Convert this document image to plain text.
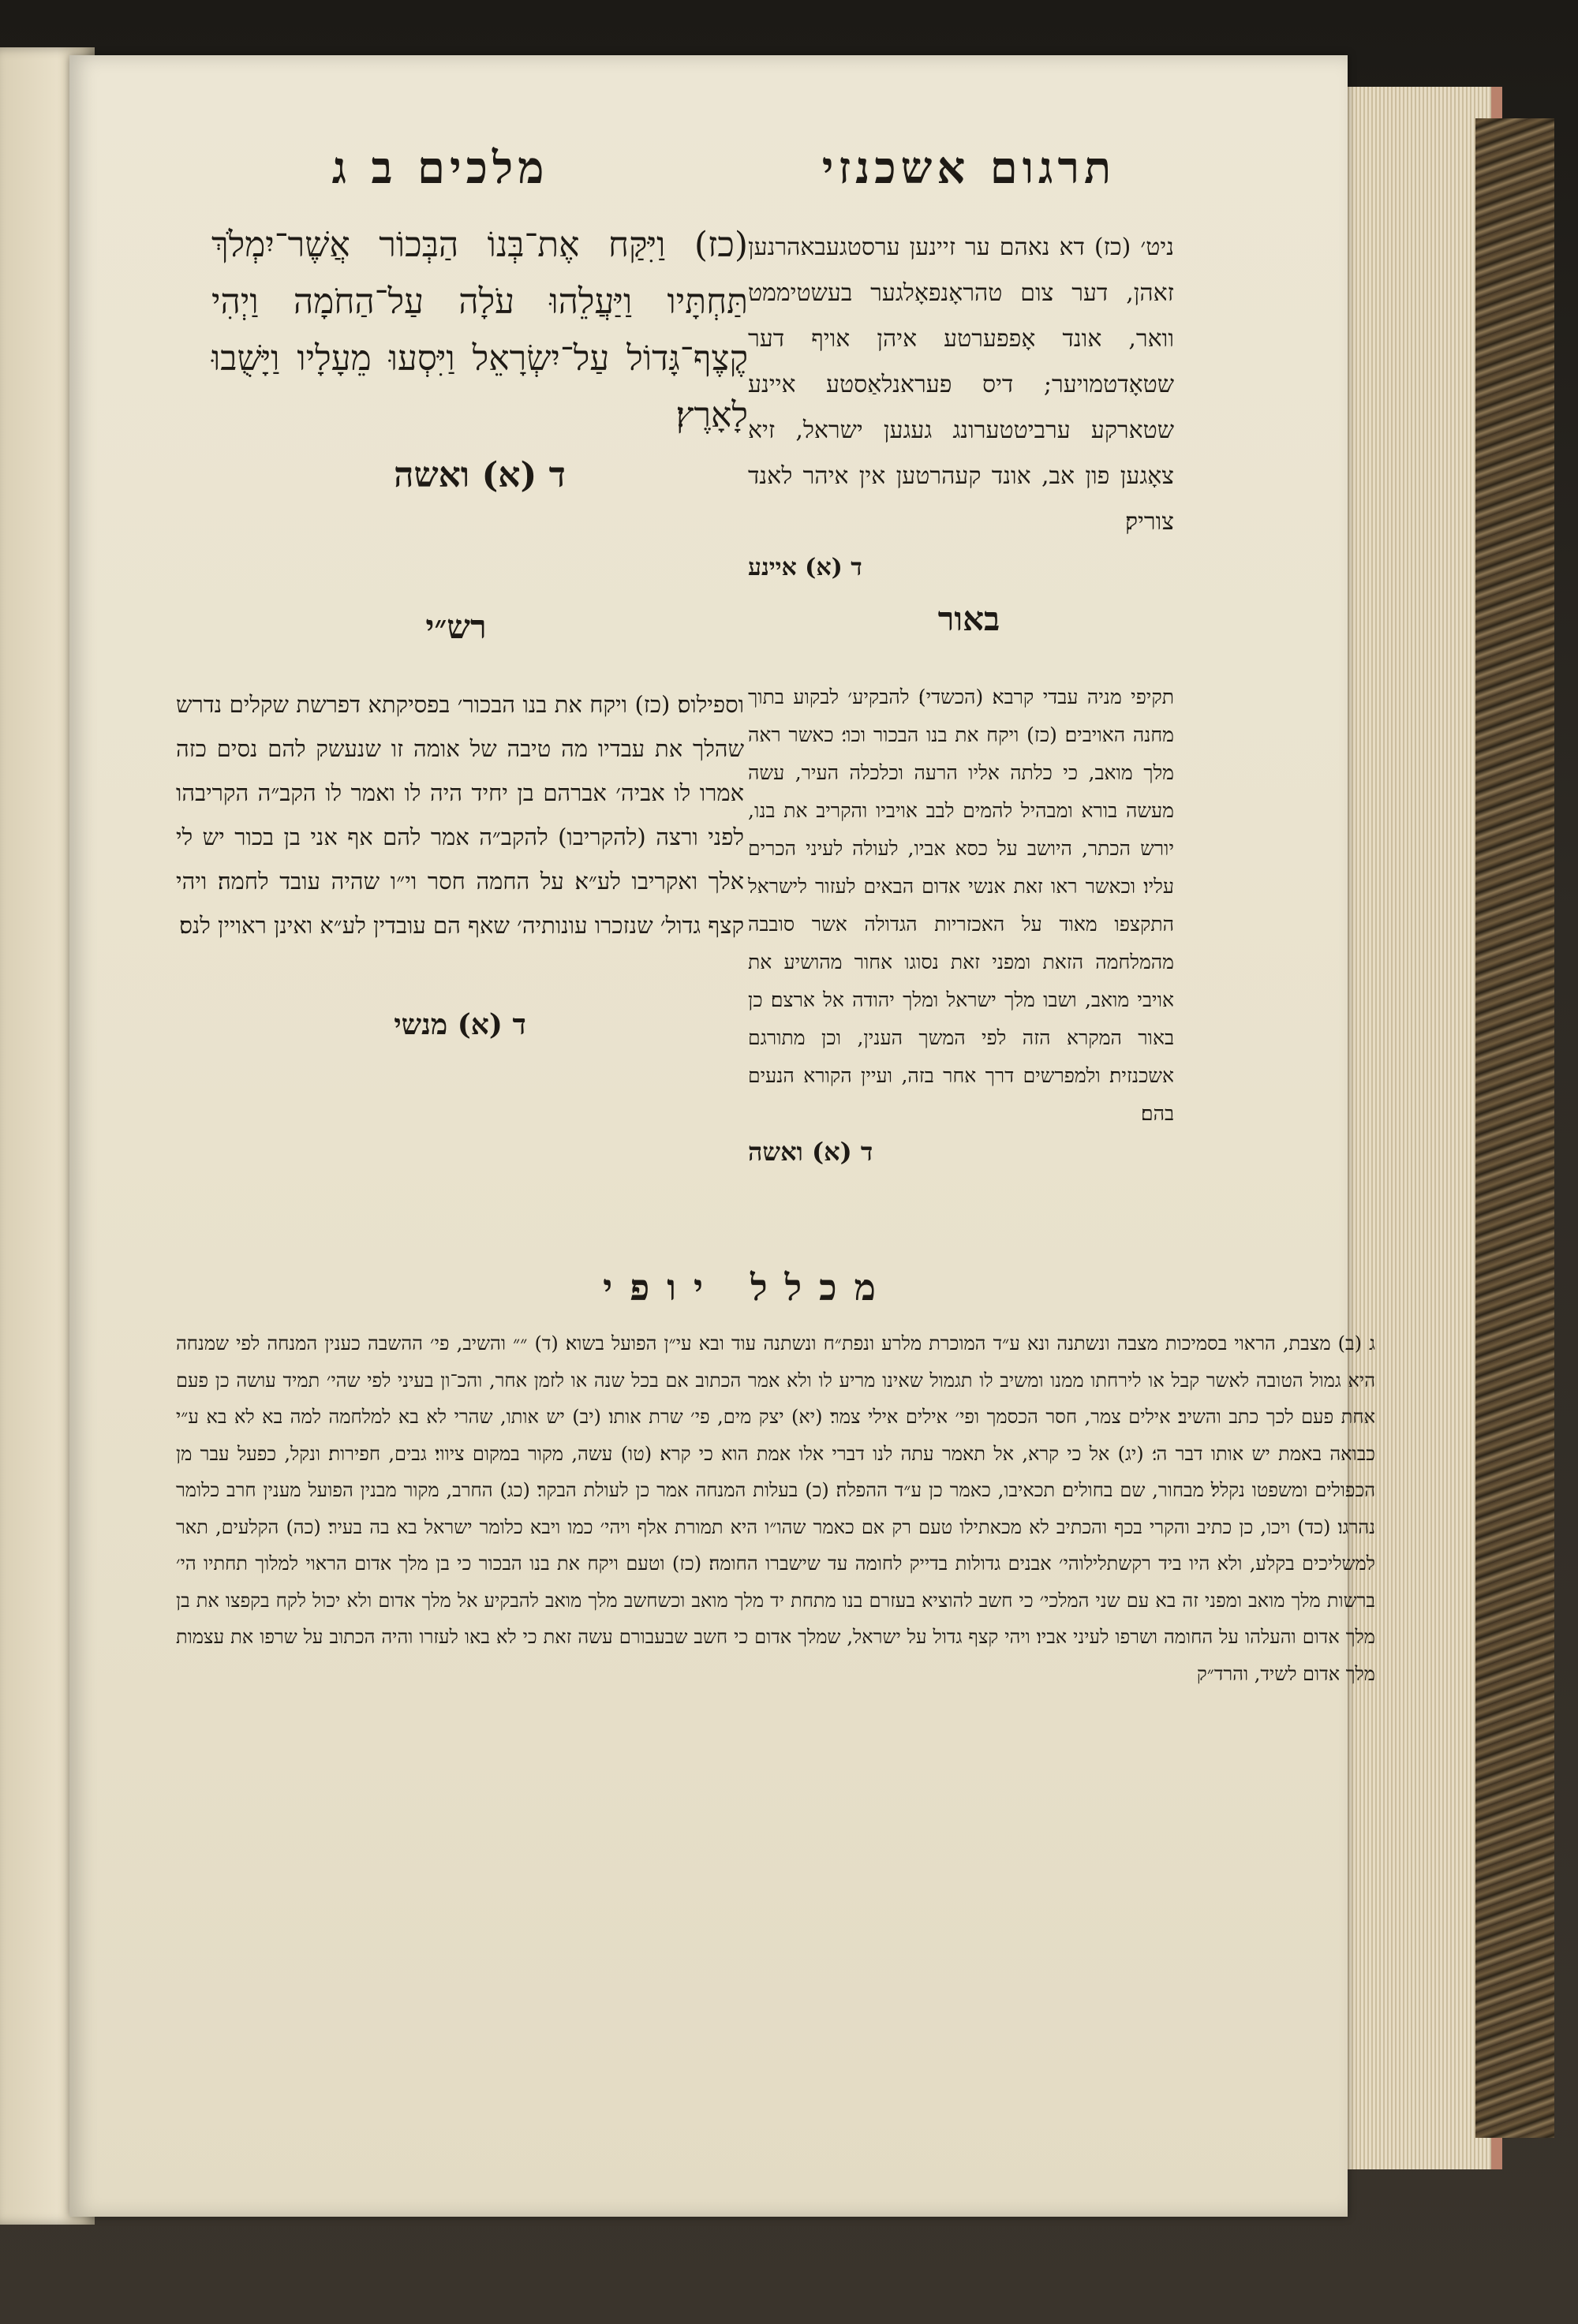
תרגום אשכנזי
מלכים ב ג
(כז) וַיִּקַּח אֶת־בְּנוֹ הַבְּכוֹר אֲשֶׁר־יִמְלֹךְ תַּחְתָּיו וַיַּעֲלֵהוּ עֹלָה עַל־הַחֹמָה וַיְהִי קֶצֶף־גָּדוֹל עַל־יִשְׂרָאֵל וַיִּסְעוּ מֵעָלָיו וַיָּשֻׁבוּ לָאָרֶץ׃
ד (א) ואשה
ניט׳ (כז) דא נאהם ער זיינען ערסטגעבאהרנען זאהן, דער צום טהראָנפאָלגער בעשטיממט וואר, אונד אָפפערטע איהן אויף דער שטאָדטמויער; דיס פעראנלאַסטע איינע שטארקע ערביטטערונג געגען ישראל, זיא צאָגען פון אב, אונד קעהרטען אין איהר לאנד צוריק׃
ד (א) איינע
רש״י	באור
וספילוס׃ (כז) ויקח את בנו הבכור׳ בפסיקתא דפרשת שקלים נדרש שהלך את עבדיו מה טיבה של אומה זו שנעשק להם נסים כזה אמרו לו אביה׳ אברהם בן יחיד היה לו ואמר לו הקב״ה הקריבהו לפני ורצה (להקריבו) להקב״ה אמר להם אף אני בן בכור יש לי אלך ואקריבו לע״א׃ על החמה חסר וי״ו שהיה עובד לחמה׃ ויהי קצף גדול׳ שנזכרו עונותיה׳ שאף הם עובדין לע״א ואינן ראויין לנס׃
ד (א) מנשי
תקיפי מניה עבדי קרבא׃ (הכשדי)׃ להבקיע׳ לבקוע בתוך מחנה האויבים׃ (כז) ויקח את בנו הבכור וכו׳׃ כאשר ראה מלך מואב, כי כלתה אליו הרעה וכלכלה העיר, עשה מעשה בורא ומבהיל להמים לבב אויביו והקריב את בנו, יורש הכתר, היושב על כסא אביו, לעולה לעיני הכרים עליו׃ וכאשר ראו זאת אנשי אדום הבאים לעזור לישראל התקצפו מאוד על האכזריות הגדולה אשר סובבה מהמלחמה הזאת ומפני זאת נסוגו אחור מהושיע את אויבי מואב, ושבו מלך ישראל ומלך יהודה אל ארצם׃ כן באור המקרא הזה לפי המשך הענין, וכן מתורגם אשכנזית׃ ולמפרשים דרך אחר בזה, ועיין הקורא הנעים בהם׃
ד (א) ואשה
מכלל יופי
ג (ב) מצבת, הראוי בסמיכות מצבה ונשתנה ונא ע״ד המוכרת מלרע ונפת״ח ונשתנה עוד ובא עי״ן הפועל בשוא׃ (ד) ״״ והשיב, פי׳ ההשבה כענין המנחה לפי שמנחה היא גמול הטובה לאשר קבל או לירחתו ממנו ומשיב לו תגמול שאינו מריע לו ולא אמר הכתוב אם בכל שנה או לזמן אחר, והכ־ון בעיני לפי שהי׳ תמיד עושה כן פעם אחת פעם לכך כתב והשיב׃ אילים צמר, חסר הכסמך ופי׳ אילים אילי צמר׃ (יא) יצק מים, פי׳ שרת אותו׃ (יב) יש אותו, שהרי לא בא למלחמה למה בא לא בא ע״י כבואה באמת יש אותו דבר ה׳׃ (יג) אל כי קרא, אל תאמר עתה לנו דברי אלו אמת הוא כי קרא׃ (טו) עשה, מקור במקום ציווי׃ גבים, חפירות׃ ונקל, כפעל עבר מן הכפולים ומשפטו נקלל׃ מבחור, שם בחולים׃ תכאיבו, כאמר כן ע״ד ההפלה׃ (כ) בעלות המנחה אמר כן לעולת הבקר׃ (כג) החרב, מקור מבנין הפועל מענין חרב כלומר נהרגו׃ (כד) ויכו, כן כתיב והקרי בכף והכתיב לא מכאתילו טעם רק אם כאמר שהו״ו היא תמורת אלף ויהי׳ כמו ויבא כלומר ישראל בא בה בעיר׃ (כה) הקלעים, תאר למשליכים בקלע, ולא היו ביד רקשתלילוהי׳ אבנים גדולות בדייק לחומה עד שישברו החומה׃ (כז) וטעם ויקח את בנו הבכור כי בן מלך אדום הראוי למלוך תחתיו הי׳ ברשות מלך מואב ומפני זה בא עם שני המלכי׳ כי חשב להוציא בעזרם בנו מתחת יד מלך מואב וכשחשב מלך מואב להבקיע אל מלך אדום ולא יכול לקח בקפצו את בן מלך אדום והעלהו על החומה ושרפו לעיני אביו׃ ויהי קצף גדול על ישראל, שמלך אדום כי חשב שבעבורם עשה זאת כי לא באו לעזרו והיה הכתוב על שרפו את עצמות מלך אדום לשיד, והרד״ק
